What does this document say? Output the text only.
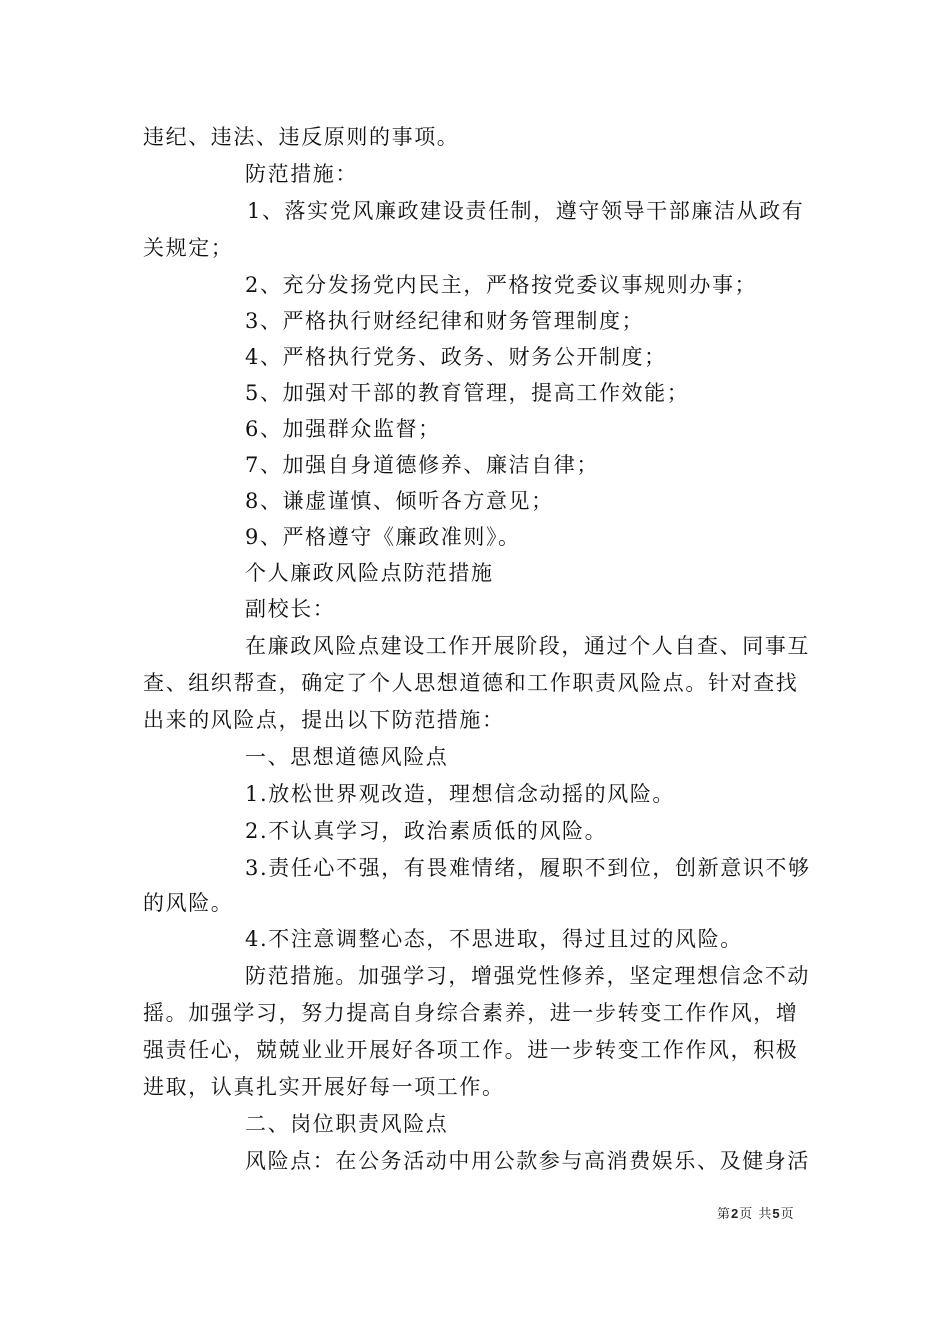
违纪、违法、违反原则的事项。
防范措施：
1、落实党风廉政建设责任制，遵守领导干部廉洁从政有
关规定；
2、充分发扬党内民主，严格按党委议事规则办事；
3、严格执行财经纪律和财务管理制度；
4、严格执行党务、政务、财务公开制度；
5、加强对干部的教育管理，提高工作效能；
6、加强群众监督；
7、加强自身道德修养、廉洁自律；
8、谦虚谨慎、倾听各方意见；
9、严格遵守《廉政准则》。
个人廉政风险点防范措施
副校长：
在廉政风险点建设工作开展阶段，通过个人自查、同事互
查、组织帮查，确定了个人思想道德和工作职责风险点。针对查找
出来的风险点，提出以下防范措施：
一、思想道德风险点
1.放松世界观改造，理想信念动摇的风险。
2.不认真学习，政治素质低的风险。
3.责任心不强，有畏难情绪，履职不到位，创新意识不够
的风险。
4.不注意调整心态，不思进取，得过且过的风险。
防范措施。加强学习，增强党性修养，坚定理想信念不动
摇。加强学习，努力提高自身综合素养，进一步转变工作作风，增
强责任心，兢兢业业开展好各项工作。进一步转变工作作风，积极
进取，认真扎实开展好每一项工作。
二、岗位职责风险点
风险点：在公务活动中用公款参与高消费娱乐、及健身活
第2页 共5页
